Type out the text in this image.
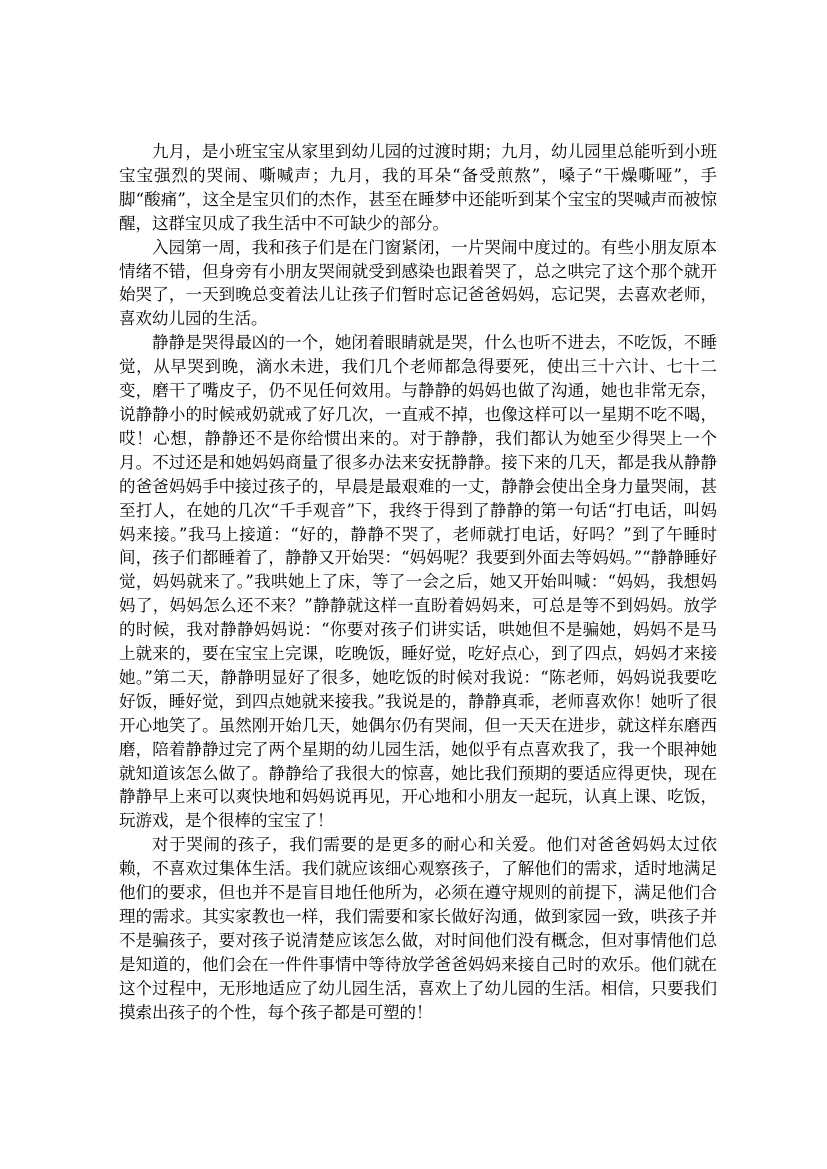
九月，是小班宝宝从家里到幼儿园的过渡时期；九月，幼儿园里总能听到小班宝宝强烈的哭闹、嘶喊声；九月，我的耳朵“备受煎熬”，嗓子“干燥嘶哑”，手脚“酸痛”，这全是宝贝们的杰作，甚至在睡梦中还能听到某个宝宝的哭喊声而被惊醒，这群宝贝成了我生活中不可缺少的部分。

入园第一周，我和孩子们是在门窗紧闭，一片哭闹中度过的。有些小朋友原本情绪不错，但身旁有小朋友哭闹就受到感染也跟着哭了，总之哄完了这个那个就开始哭了，一天到晚总变着法儿让孩子们暂时忘记爸爸妈妈，忘记哭，去喜欢老师，喜欢幼儿园的生活。

静静是哭得最凶的一个，她闭着眼睛就是哭，什么也听不进去，不吃饭，不睡觉，从早哭到晚，滴水未进，我们几个老师都急得要死，使出三十六计、七十二变，磨干了嘴皮子，仍不见任何效用。与静静的妈妈也做了沟通，她也非常无奈，说静静小的时候戒奶就戒了好几次，一直戒不掉，也像这样可以一星期不吃不喝，哎！心想，静静还不是你给惯出来的。对于静静，我们都认为她至少得哭上一个月。不过还是和她妈妈商量了很多办法来安抚静静。接下来的几天，都是我从静静的爸爸妈妈手中接过孩子的，早晨是最艰难的一丈，静静会使出全身力量哭闹，甚至打人，在她的几次“千手观音”下，我终于得到了静静的第一句话“打电话，叫妈妈来接。”我马上接道：“好的，静静不哭了，老师就打电话，好吗？”到了午睡时间，孩子们都睡着了，静静又开始哭：“妈妈呢？我要到外面去等妈妈。”“静静睡好觉，妈妈就来了。”我哄她上了床，等了一会之后，她又开始叫喊：“妈妈，我想妈妈了，妈妈怎么还不来？”静静就这样一直盼着妈妈来，可总是等不到妈妈。放学的时候，我对静静妈妈说：“你要对孩子们讲实话，哄她但不是骗她，妈妈不是马上就来的，要在宝宝上完课，吃晚饭，睡好觉，吃好点心，到了四点，妈妈才来接她。”第二天，静静明显好了很多，她吃饭的时候对我说：“陈老师，妈妈说我要吃好饭，睡好觉，到四点她就来接我。”我说是的，静静真乖，老师喜欢你！她听了很开心地笑了。虽然刚开始几天，她偶尔仍有哭闹，但一天天在进步，就这样东磨西磨，陪着静静过完了两个星期的幼儿园生活，她似乎有点喜欢我了，我一个眼神她就知道该怎么做了。静静给了我很大的惊喜，她比我们预期的要适应得更快，现在静静早上来可以爽快地和妈妈说再见，开心地和小朋友一起玩，认真上课、吃饭，玩游戏，是个很棒的宝宝了！

对于哭闹的孩子，我们需要的是更多的耐心和关爱。他们对爸爸妈妈太过依赖，不喜欢过集体生活。我们就应该细心观察孩子，了解他们的需求，适时地满足他们的要求，但也并不是盲目地任他所为，必须在遵守规则的前提下，满足他们合理的需求。其实家教也一样，我们需要和家长做好沟通，做到家园一致，哄孩子并不是骗孩子，要对孩子说清楚应该怎么做，对时间他们没有概念，但对事情他们总是知道的，他们会在一件件事情中等待放学爸爸妈妈来接自己时的欢乐。他们就在这个过程中，无形地适应了幼儿园生活，喜欢上了幼儿园的生活。相信，只要我们摸索出孩子的个性，每个孩子都是可塑的！
